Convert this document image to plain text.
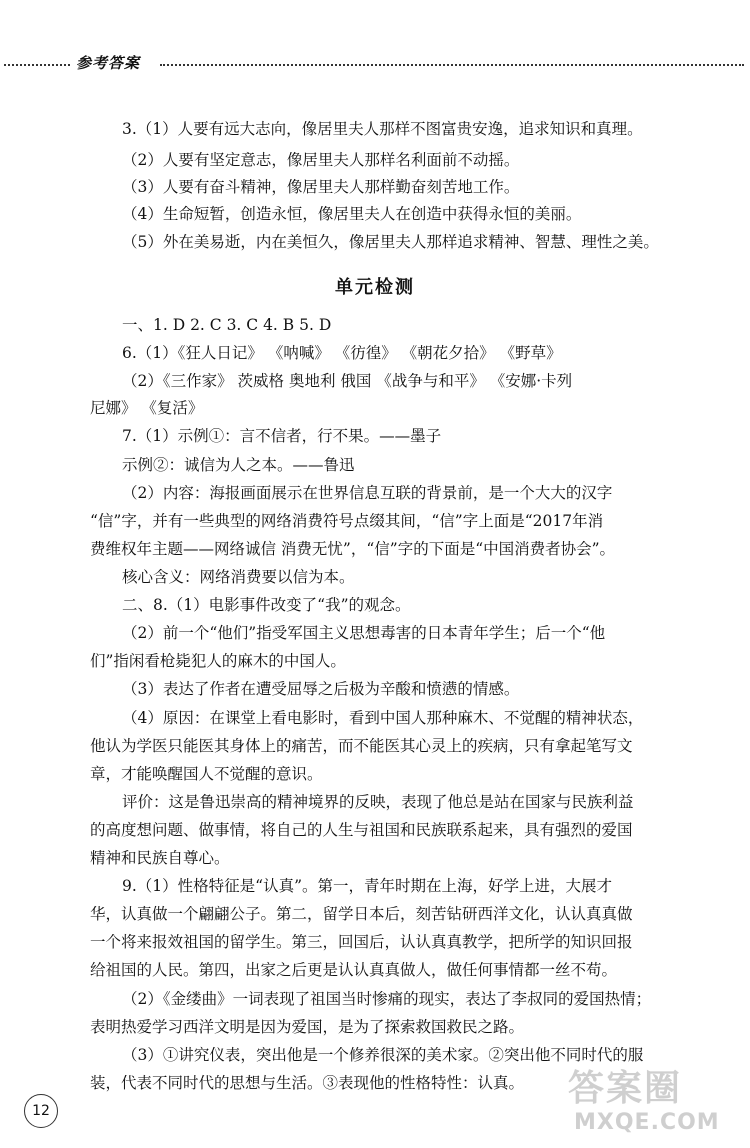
参考答案
3.（1）人要有远大志向，像居里夫人那样不图富贵安逸，追求知识和真理。
（2）人要有坚定意志，像居里夫人那样名利面前不动摇。
（3）人要有奋斗精神，像居里夫人那样勤奋刻苦地工作。
（4）生命短暂，创造永恒，像居里夫人在创造中获得永恒的美丽。
（5）外在美易逝，内在美恒久，像居里夫人那样追求精神、智慧、理性之美。
单元检测
一、1. D 2. C 3. C 4. B 5. D
6.（1）《狂人日记》 《呐喊》 《彷徨》 《朝花夕拾》 《野草》
（2）《三作家》 茨威格 奥地利 俄国 《战争与和平》 《安娜·卡列
尼娜》 《复活》
7.（1）示例①：言不信者，行不果。——墨子
示例②：诚信为人之本。——鲁迅
（2）内容：海报画面展示在世界信息互联的背景前，是一个大大的汉字
“信”字，并有一些典型的网络消费符号点缀其间，“信”字上面是“2017年消
费维权年主题——网络诚信 消费无忧”，“信”字的下面是“中国消费者协会”。
核心含义：网络消费要以信为本。
二、8.（1）电影事件改变了“我”的观念。
（2）前一个“他们”指受军国主义思想毒害的日本青年学生；后一个“他
们”指闲看枪毙犯人的麻木的中国人。
（3）表达了作者在遭受屈辱之后极为辛酸和愤懑的情感。
（4）原因：在课堂上看电影时，看到中国人那种麻木、不觉醒的精神状态，
他认为学医只能医其身体上的痛苦，而不能医其心灵上的疾病，只有拿起笔写文
章，才能唤醒国人不觉醒的意识。
评价：这是鲁迅崇高的精神境界的反映，表现了他总是站在国家与民族利益
的高度想问题、做事情，将自己的人生与祖国和民族联系起来，具有强烈的爱国
精神和民族自尊心。
9.（1）性格特征是“认真”。第一，青年时期在上海，好学上进，大展才
华，认真做一个翩翩公子。第二，留学日本后，刻苦钻研西洋文化，认认真真做
一个将来报效祖国的留学生。第三，回国后，认认真真教学，把所学的知识回报
给祖国的人民。第四，出家之后更是认认真真做人，做任何事情都一丝不苟。
（2）《金缕曲》一词表现了祖国当时惨痛的现实，表达了李叔同的爱国热情；
表明热爱学习西洋文明是因为爱国，是为了探索救国救民之路。
（3）①讲究仪表，突出他是一个修养很深的美术家。②突出他不同时代的服
装，代表不同时代的思想与生活。③表现他的性格特性：认真。
12
答案圈
MXQE.COM
